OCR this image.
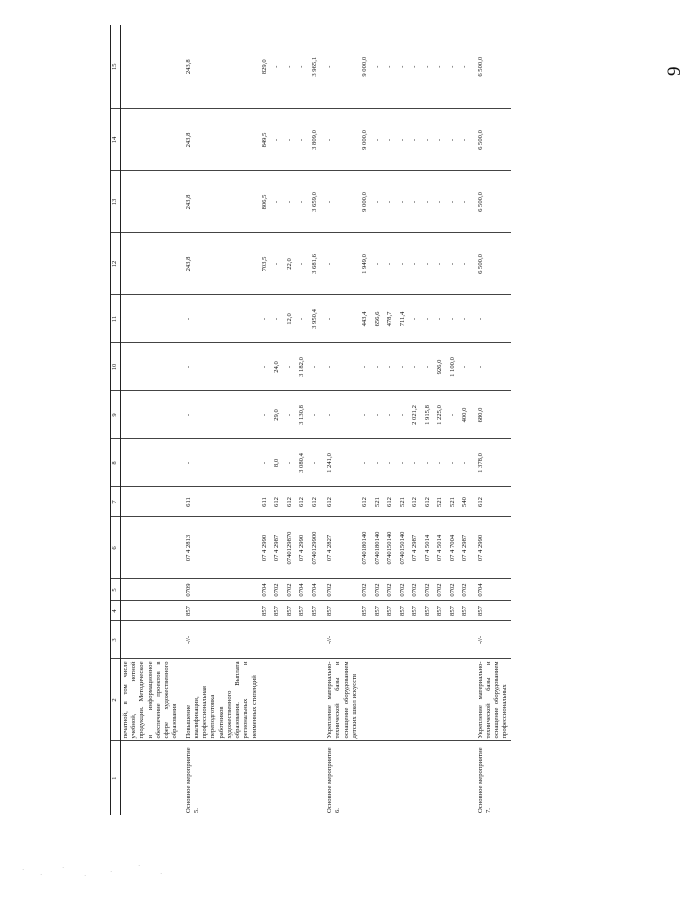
9
1	2	3	4	5	6	7	8	9	10	11	12	13	14	15
	печатной, в том числе учебной, нотной продукции. Методическое и информационное обеспечение проектов в сфере художественного образования													
Основное мероприятие 5.	Повышение квалификации, профессиональная переподготовка работников художественного образования. Выплата региональных и неименных стипендий	-//-	857	0709	07 4 2813	611	-	-	-	-	243,8	243,8	243,8	243,8
			857	0704	07 4 2990	611	-	-	-	-	703,5	806,5	849,5	829,0
			857	0702	07 4 2987	612	8,0	29,0	24,0	-	-	-	-	-
			857	0702	0740129870	612	-	-	-	12,0	22,0	-	-	-
			857	0704	07 4 2990	612	3 080,4	3 130,8	3 182,0	-	-	-	-	-
			857	0704	0740129900	612	-	-	-	3 950,4	3 681,6	3 659,0	3 809,0	3 965,1
Основное мероприятие 6.	Укрепление материально-технической базы и оснащение оборудованием детских школ искусств	-//-	857	0702	07 4 2827	612	1 241,0	-	-	-	-	-	-	-
			857	0702	0740180140	612	-	-	-	443,4	1 949,0	9 000,0	9 000,0	9 000,0
			857	0702	0740180140	521	-	-	-	656,6	-	-	-	-
			857	0702	0740150140	612	-	-	-	478,7	-	-	-	-
			857	0702	0740150140	521	-	-	-	711,4	-	-	-	-
			857	0702	07 4 2987	612	-	2 021,2	-	-	-	-	-	-
			857	0702	07 4 5014	612	-	1 915,8	-	-	-	-	-	-
			857	0702	07 4 5014	521	-	1 225,0	926,0	-	-	-	-	-
			857	0702	07 4 7004	521	-	-	1 100,0	-	-	-	-	-
			857	0702	07 4 2987	540	-	400,0	-	-	-	-	-	-
Основное мероприятие 7.	Укрепление материально-технической базы и оснащение оборудованием профессиональных	-//-	857	0704	07 4 2990	612	1 378,0	680,0	-	-	6 500,0	6 500,0	6 500,0	6 500,0
·
·
·
·	·
·
·
